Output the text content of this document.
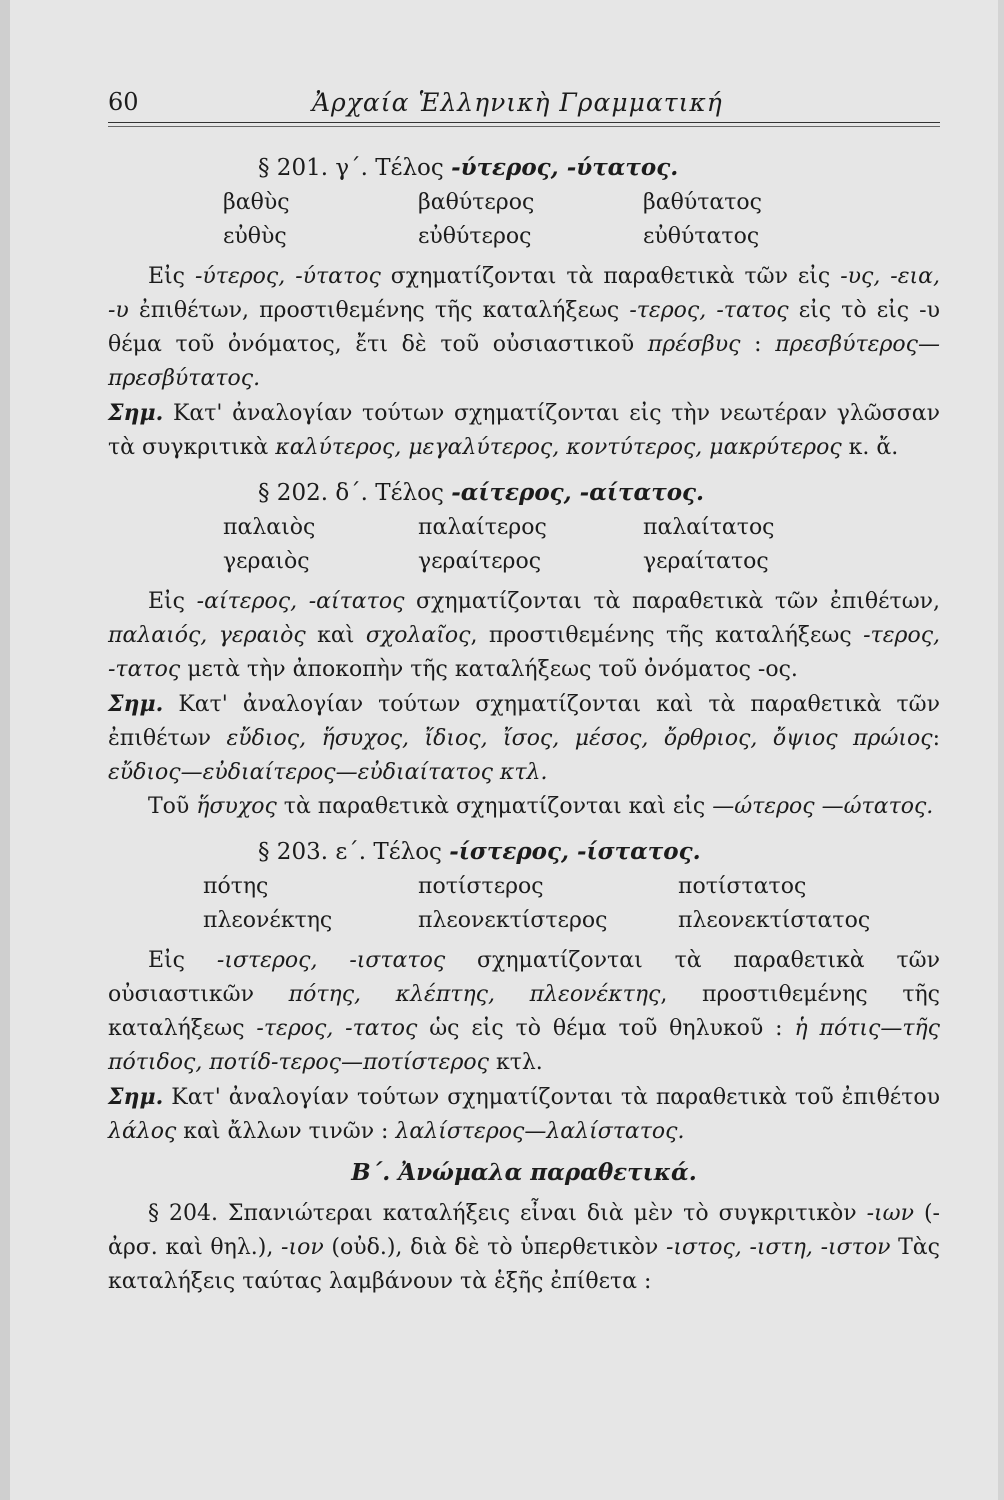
60	Ἀρχαία Ἑλληνικὴ Γραμματική
§ 201. γ΄. Τέλος -ύτερος, -ύτατος.
βαθὺς	βαθύτερος	βαθύτατος
εὐθὺς	εὐθύτερος	εὐθύτατος

Εἰς -ύτερος, -ύτατος σχηματίζονται τὰ παραθετικὰ τῶν εἰς -υς, -εια, -υ ἐπιθέτων, προστιθεμένης τῆς καταλήξεως -τερος, -τατος εἰς τὸ εἰς -υ θέμα τοῦ ὀνόματος, ἔτι δὲ τοῦ οὐσιαστικοῦ πρέσβυς : πρεσβύτερος—πρεσβύτατος.

Σημ. Κατ' ἀναλογίαν τούτων σχηματίζονται εἰς τὴν νεωτέραν γλῶσσαν τὰ συγκριτικὰ καλύτερος, μεγαλύτερος, κοντύτερος, μακρύτερος κ. ἄ.

§ 202. δ΄. Τέλος -αίτερος, -αίτατος.
παλαιὸς	παλαίτερος	παλαίτατος
γεραιὸς	γεραίτερος	γεραίτατος

Εἰς -αίτερος, -αίτατος σχηματίζονται τὰ παραθετικὰ τῶν ἐπιθέτων, παλαιός, γεραιὸς καὶ σχολαῖος, προστιθεμένης τῆς καταλήξεως -τερος, -τατος μετὰ τὴν ἀποκοπὴν τῆς καταλήξεως τοῦ ὀνόματος -ος.

Σημ. Κατ' ἀναλογίαν τούτων σχηματίζονται καὶ τὰ παραθετικὰ τῶν ἐπιθέτων εὔδιος, ἥσυχος, ἴδιος, ἴσος, μέσος, ὄρθριος, ὄψιος πρώιος: εὔδιος—εὐδιαίτερος—εὐδιαίτατος κτλ.

Τοῦ ἥσυχος τὰ παραθετικὰ σχηματίζονται καὶ εἰς —ώτερος —ώτατος.

§ 203. ε΄. Τέλος -ίστερος, -ίστατος.
πότης	ποτίστερος	ποτίστατος
πλεονέκτης	πλεονεκτίστερος	πλεονεκτίστατος

Εἰς -ιστερος, -ιστατος σχηματίζονται τὰ παραθετικὰ τῶν οὐσιαστικῶν πότης, κλέπτης, πλεονέκτης, προστιθεμένης τῆς καταλήξεως -τερος, -τατος ὡς εἰς τὸ θέμα τοῦ θηλυκοῦ : ἡ πότις—τῆς πότιδος, ποτίδ-τερος—ποτίστερος κτλ.

Σημ. Κατ' ἀναλογίαν τούτων σχηματίζονται τὰ παραθετικὰ τοῦ ἐπιθέτου λάλος καὶ ἄλλων τινῶν : λαλίστερος—λαλίστατος.

Β΄. Ἀνώμαλα παραθετικά.

§ 204. Σπανιώτεραι καταλήξεις εἶναι διὰ μὲν τὸ συγκριτικὸν -ιων (-ἀρσ. καὶ θηλ.), -ιον (οὐδ.), διὰ δὲ τὸ ὑπερθετικὸν -ιστος, -ιστη, -ιστον Τὰς καταλήξεις ταύτας λαμβάνουν τὰ ἑξῆς ἐπίθετα :
